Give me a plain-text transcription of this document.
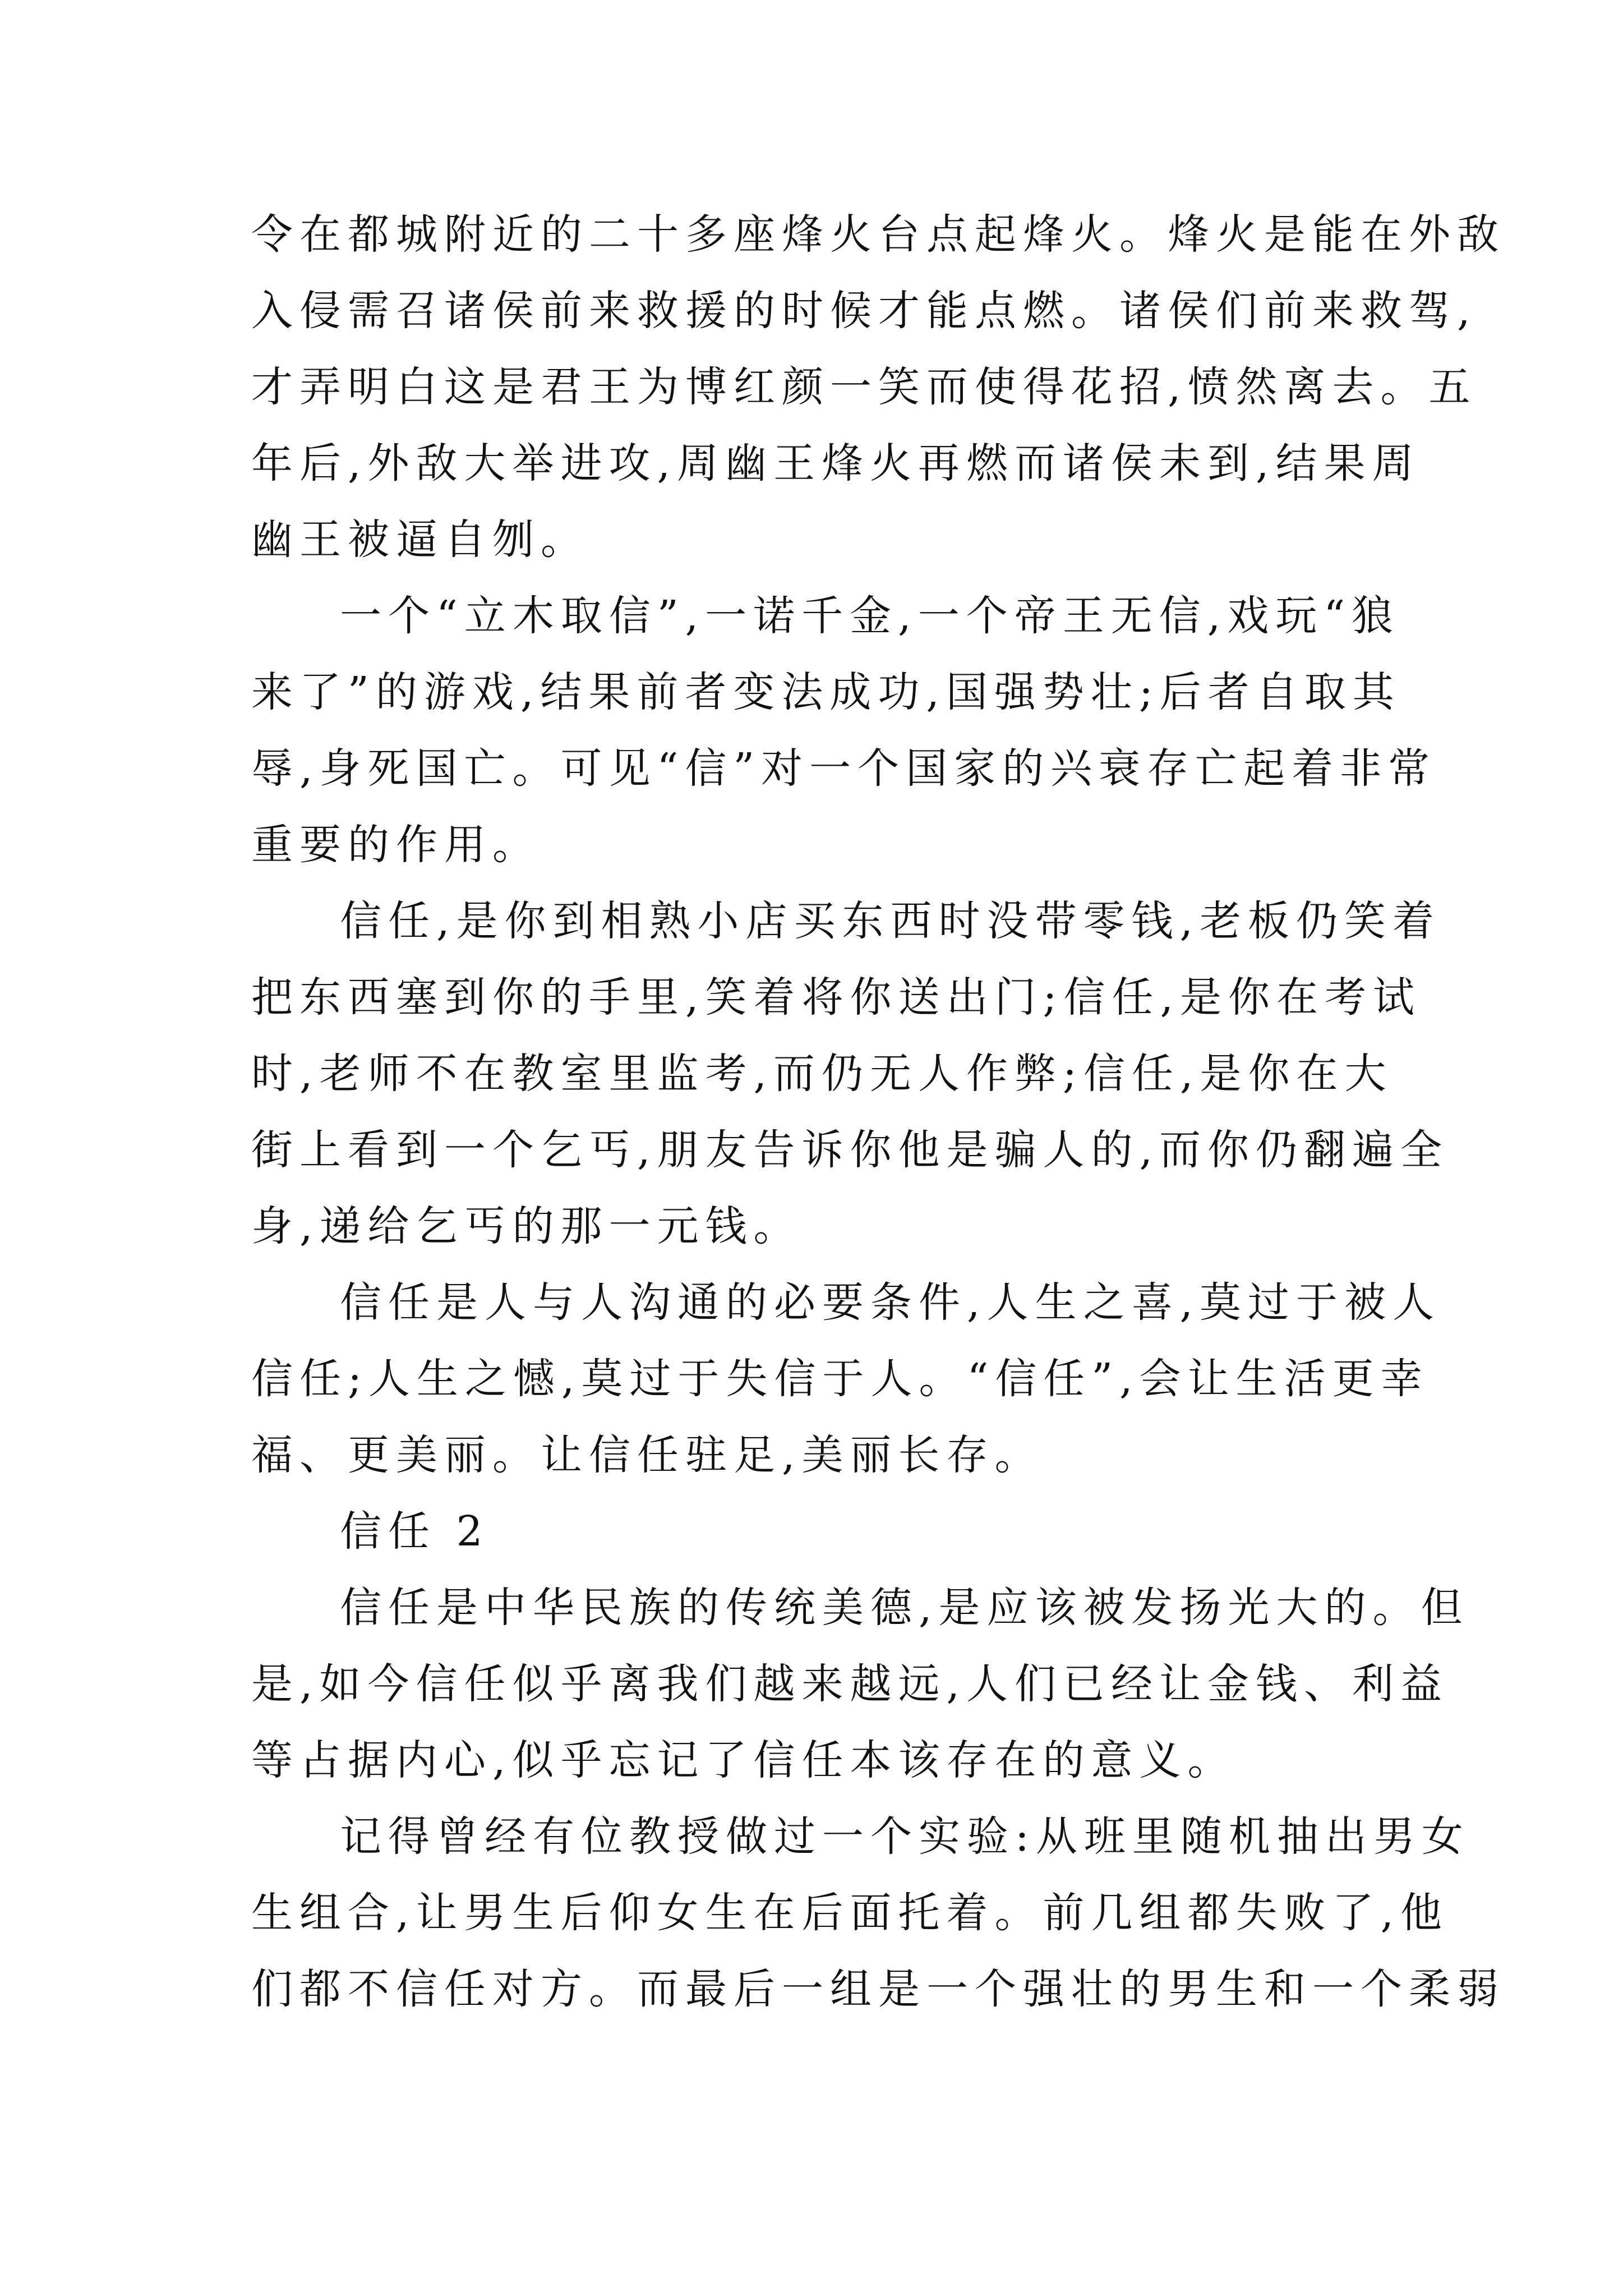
令在都城附近的二十多座烽火台点起烽火。烽火是能在外敌
入侵需召诸侯前来救援的时候才能点燃。诸侯们前来救驾,
才弄明白这是君王为博红颜一笑而使得花招,愤然离去。五
年后,外敌大举进攻,周幽王烽火再燃而诸侯未到,结果周
幽王被逼自刎。
一个“立木取信”,一诺千金,一个帝王无信,戏玩“狼
来了”的游戏,结果前者变法成功,国强势壮;后者自取其
辱,身死国亡。可见“信”对一个国家的兴衰存亡起着非常
重要的作用。
信任,是你到相熟小店买东西时没带零钱,老板仍笑着
把东西塞到你的手里,笑着将你送出门;信任,是你在考试
时,老师不在教室里监考,而仍无人作弊;信任,是你在大
街上看到一个乞丐,朋友告诉你他是骗人的,而你仍翻遍全
身,递给乞丐的那一元钱。
信任是人与人沟通的必要条件,人生之喜,莫过于被人
信任;人生之憾,莫过于失信于人。“信任”,会让生活更幸
福、更美丽。让信任驻足,美丽长存。
信任 2
信任是中华民族的传统美德,是应该被发扬光大的。但
是,如今信任似乎离我们越来越远,人们已经让金钱、利益
等占据内心,似乎忘记了信任本该存在的意义。
记得曾经有位教授做过一个实验:从班里随机抽出男女
生组合,让男生后仰女生在后面托着。前几组都失败了,他
们都不信任对方。而最后一组是一个强壮的男生和一个柔弱
